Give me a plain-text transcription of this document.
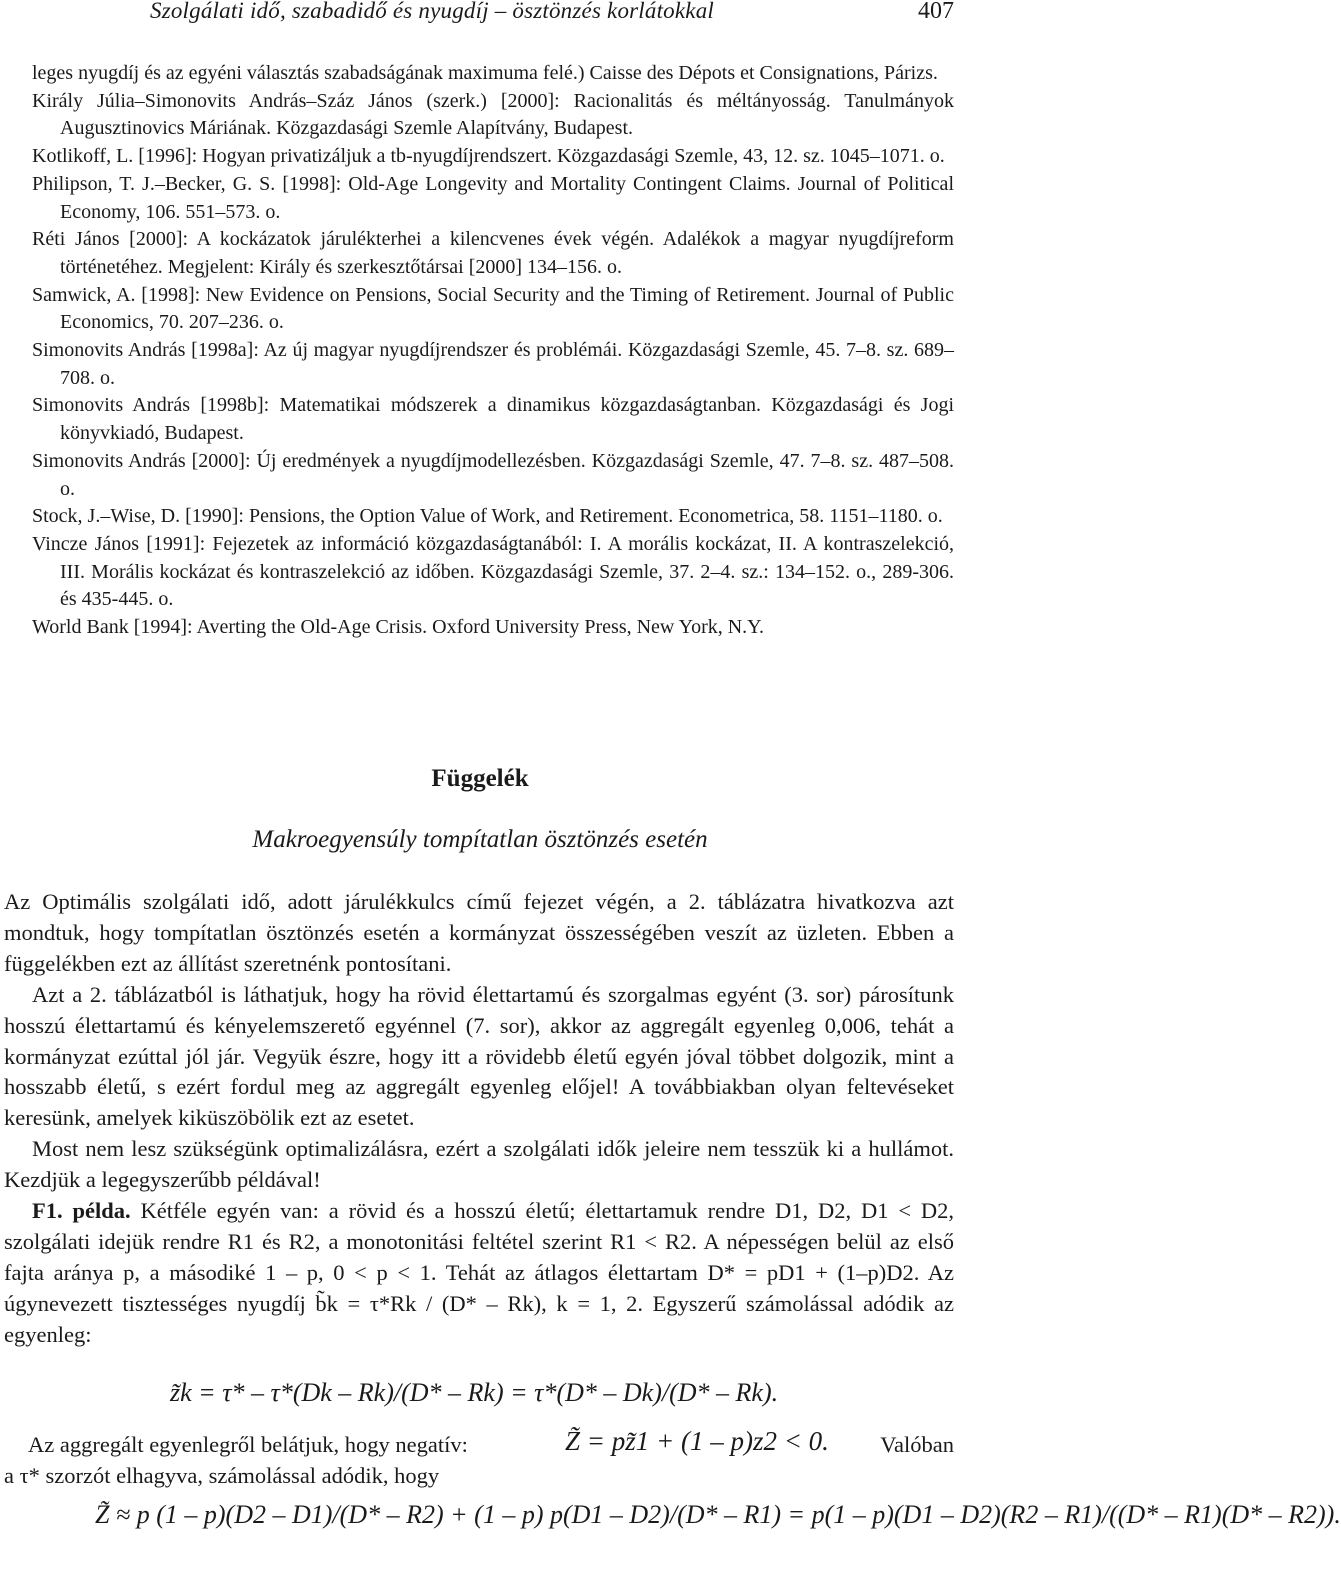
Szolgálati idő, szabadidő és nyugdíj – ösztönzés korlátokkal	407

leges nyugdíj és az egyéni választás szabadságának maximuma felé.) Caisse des Dépots et Consignations, Párizs.

Király Júlia–Simonovits András–Száz János (szerk.) [2000]: Racionalitás és méltányosság. Tanulmányok Augusztinovics Máriának. Közgazdasági Szemle Alapítvány, Budapest.

Kotlikoff, L. [1996]: Hogyan privatizáljuk a tb-nyugdíjrendszert. Közgazdasági Szemle, 43, 12. sz. 1045–1071. o.

Philipson, T. J.–Becker, G. S. [1998]: Old-Age Longevity and Mortality Contingent Claims. Journal of Political Economy, 106. 551–573. o.

Réti János [2000]: A kockázatok járulékterhei a kilencvenes évek végén. Adalékok a magyar nyugdíjreform történetéhez. Megjelent: Király és szerkesztőtársai [2000] 134–156. o.

Samwick, A. [1998]: New Evidence on Pensions, Social Security and the Timing of Retirement. Journal of Public Economics, 70. 207–236. o.

Simonovits András [1998a]: Az új magyar nyugdíjrendszer és problémái. Közgazdasági Szemle, 45. 7–8. sz. 689–708. o.

Simonovits András [1998b]: Matematikai módszerek a dinamikus közgazdaságtanban. Közgazdasági és Jogi könyvkiadó, Budapest.

Simonovits András [2000]: Új eredmények a nyugdíjmodellezésben. Közgazdasági Szemle, 47. 7–8. sz. 487–508. o.

Stock, J.–Wise, D. [1990]: Pensions, the Option Value of Work, and Retirement. Econometrica, 58. 1151–1180. o.

Vincze János [1991]: Fejezetek az információ közgazdaságtanából: I. A morális kockázat, II. A kontraszelekció, III. Morális kockázat és kontraszelekció az időben. Közgazdasági Szemle, 37. 2–4. sz.: 134–152. o., 289-306. és 435-445. o.

World Bank [1994]: Averting the Old-Age Crisis. Oxford University Press, New York, N.Y.

Függelék
Makroegyensúly tompítatlan ösztönzés esetén

Az Optimális szolgálati idő, adott járulékkulcs című fejezet végén, a 2. táblázatra hivatkozva azt mondtuk, hogy tompítatlan ösztönzés esetén a kormányzat összességében veszít az üzleten. Ebben a függelékben ezt az állítást szeretnénk pontosítani.

Azt a 2. táblázatból is láthatjuk, hogy ha rövid élettartamú és szorgalmas egyént (3. sor) párosítunk hosszú élettartamú és kényelemszerető egyénnel (7. sor), akkor az aggregált egyenleg 0,006, tehát a kormányzat ezúttal jól jár. Vegyük észre, hogy itt a rövidebb életű egyén jóval többet dolgozik, mint a hosszabb életű, s ezért fordul meg az aggregált egyenleg előjel! A továbbiakban olyan feltevéseket keresünk, amelyek kiküszöbölik ezt az esetet.

Most nem lesz szükségünk optimalizálásra, ezért a szolgálati idők jeleire nem tesszük ki a hullámot. Kezdjük a legegyszerűbb példával!

F1. példa. Kétféle egyén van: a rövid és a hosszú életű; élettartamuk rendre D1, D2, D1 < D2, szolgálati idejük rendre R1 és R2, a monotonitási feltétel szerint R1 < R2. A népességen belül az első fajta aránya p, a másodiké 1 – p, 0 < p < 1. Tehát az átlagos élettartam D* = pD1 + (1–p)D2. Az úgynevezett tisztességes nyugdíj b̃k = τ*Rk / (D* – Rk), k = 1, 2. Egyszerű számolással adódik az egyenleg:

z̃k = τ* – τ*(Dk – Rk)/(D* – Rk) = τ*(D* – Dk)/(D* – Rk).
Az aggregált egyenlegről belátjuk, hogy negatív:	Z̃ = pz̃1 + (1 – p)z2 < 0. Valóban
a τ* szorzót elhagyva, számolással adódik, hogy
Z̃ ≈ p (1 – p)(D2 – D1)/(D* – R2) + (1 – p) p(D1 – D2)/(D* – R1) = p(1 – p)(D1 – D2)(R2 – R1)/((D* – R1)(D* – R2)).
